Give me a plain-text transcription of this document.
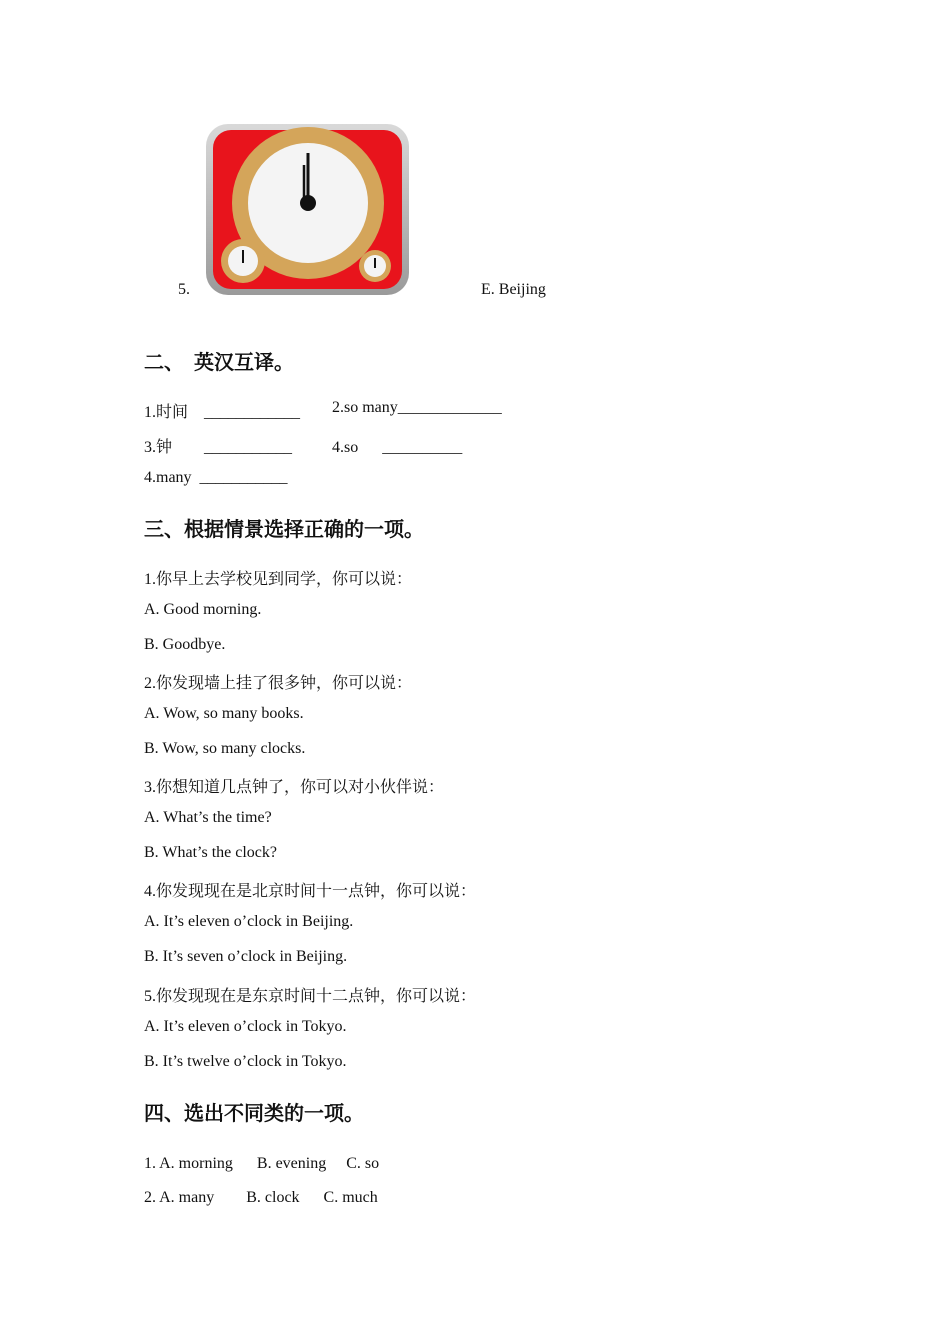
5.	E. Beijing
二、　英汉互译。
1.时间　____________ 2.so many_____________
3.钟　　___________ 4.so　  __________
4.many  ___________
三、根据情景选择正确的一项。
1.你早上去学校见到同学，你可以说：
A. Good morning.
B. Goodbye.
2.你发现墙上挂了很多钟，你可以说：
A. Wow, so many books.
B. Wow, so many clocks.
3.你想知道几点钟了，你可以对小伙伴说：
A. What’s the time?
B. What’s the clock?
4.你发现现在是北京时间十一点钟，你可以说：
A. It’s eleven o’clock in Beijing.
B. It’s seven o’clock in Beijing.
5.你发现现在是东京时间十二点钟，你可以说：
A. It’s eleven o’clock in Tokyo.
B. It’s twelve o’clock in Tokyo.
四、选出不同类的一项。
1. A. morning　  B. evening　 C. so
2. A. many　    B. clock　  C. much
